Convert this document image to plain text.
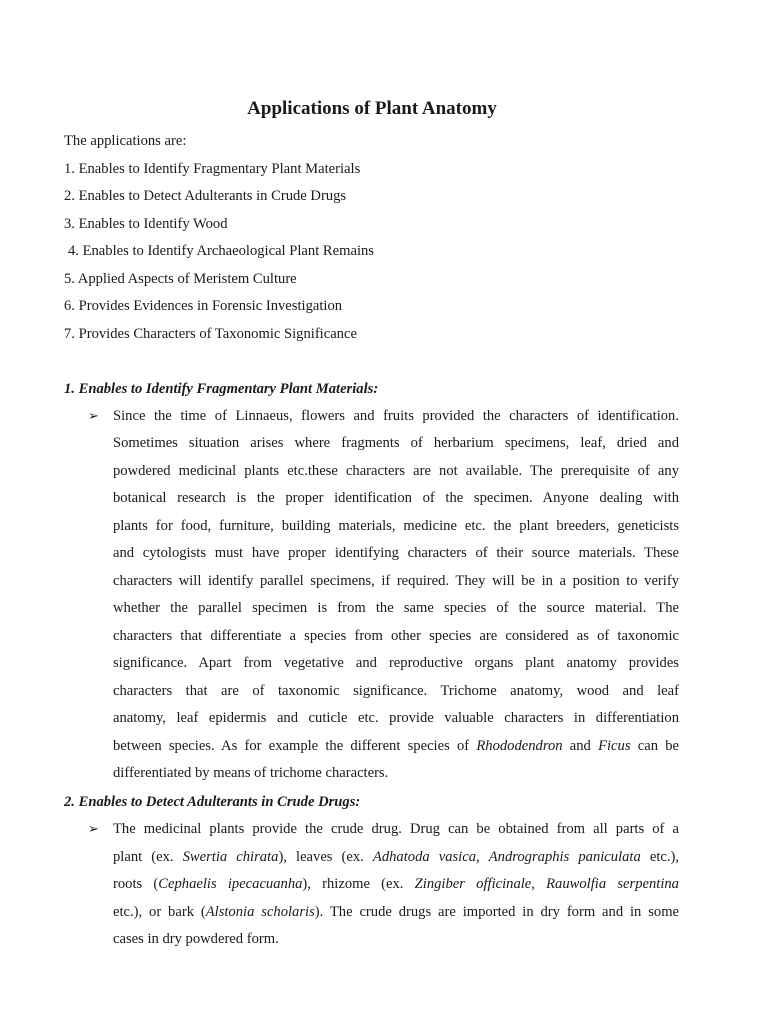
Applications of Plant Anatomy
The applications are:
1. Enables to Identify Fragmentary Plant Materials
2. Enables to Detect Adulterants in Crude Drugs
3. Enables to Identify Wood
4. Enables to Identify Archaeological Plant Remains
5. Applied Aspects of Meristem Culture
6. Provides Evidences in Forensic Investigation
7. Provides Characters of Taxonomic Significance
1. Enables to Identify Fragmentary Plant Materials:
➢ Since the time of Linnaeus, flowers and fruits provided the characters of identification.
Sometimes situation arises where fragments of herbarium specimens, leaf, dried and
powdered medicinal plants etc.these characters are not available. The prerequisite of any
botanical research is the proper identification of the specimen. Anyone dealing with
plants for food, furniture, building materials, medicine etc. the plant breeders, geneticists
and cytologists must have proper identifying characters of their source materials. These
characters will identify parallel specimens, if required. They will be in a position to verify
whether the parallel specimen is from the same species of the source material. The
characters that differentiate a species from other species are considered as of taxonomic
significance. Apart from vegetative and reproductive organs plant anatomy provides
characters that are of taxonomic significance. Trichome anatomy, wood and leaf
anatomy, leaf epidermis and cuticle etc. provide valuable characters in differentiation
between species. As for example the different species of Rhododendron and Ficus can be
differentiated by means of trichome characters.
2. Enables to Detect Adulterants in Crude Drugs:
➢ The medicinal plants provide the crude drug. Drug can be obtained from all parts of a
plant (ex. Swertia chirata), leaves (ex. Adhatoda vasica, Andrographis paniculata etc.),
roots (Cephaelis ipecacuanha), rhizome (ex. Zingiber officinale, Rauwolfia serpentina
etc.), or bark (Alstonia scholaris). The crude drugs are imported in dry form and in some
cases in dry powdered form.
